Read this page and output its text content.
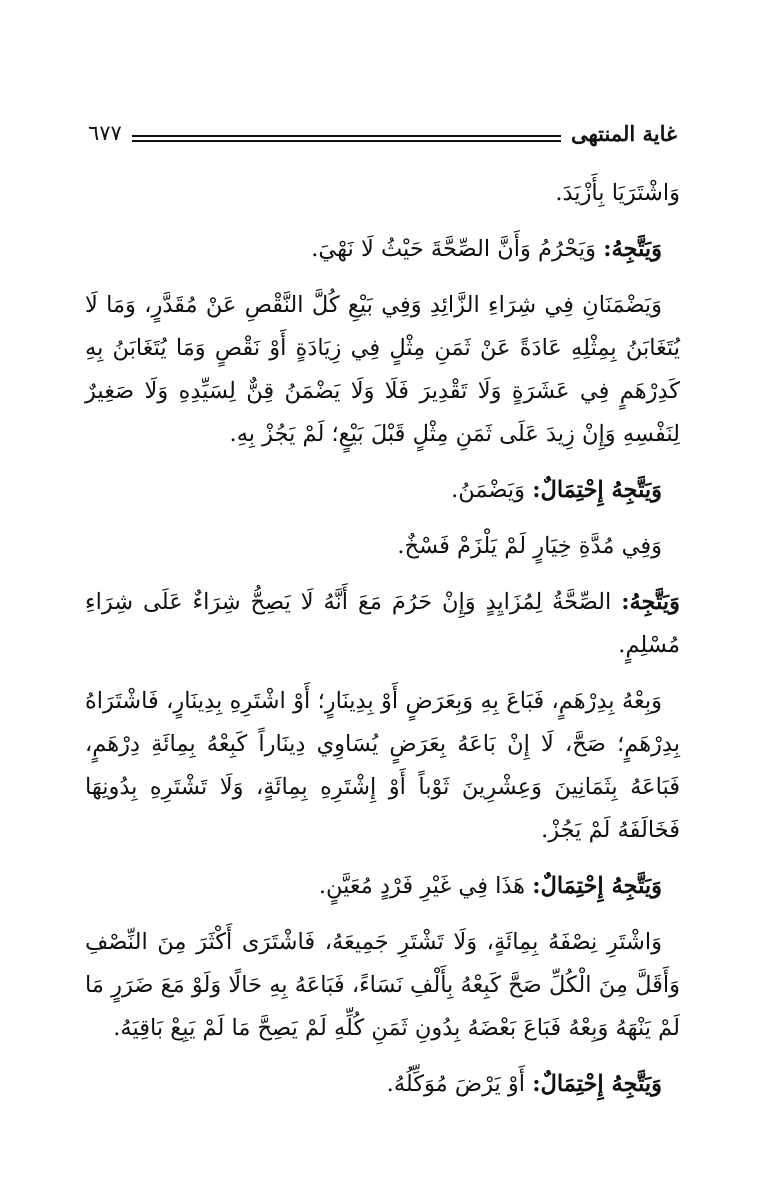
غاية المنتهى
٦٧٧

وَاشْتَرَيَا بِأَزْيَدَ.

وَيَتَّجِهُ: وَيَحْرُمُ وَأَنَّ الصِّحَّةَ حَيْثُ لَا نَهْيَ.

وَيَضْمَنَانِ فِي شِرَاءِ الزَّائِدِ وَفِي بَيْعِ كُلَّ النَّقْصِ عَنْ مُقَدَّرٍ، وَمَا لَا يُتَغَابَنُ بِمِثْلِهِ عَادَةً عَنْ ثَمَنِ مِثْلٍ فِي زِيَادَةٍ أَوْ نَقْصٍ وَمَا يُتَغَابَنُ بِهِ كَدِرْهَمٍ فِي عَشَرَةٍ وَلَا تَقْدِيرَ فَلَا وَلَا يَضْمَنُ قِنٌّ لِسَيِّدِهِ وَلَا صَغِيرٌ لِنَفْسِهِ وَإِنْ زِيدَ عَلَى ثَمَنِ مِثْلٍ قَبْلَ بَيْعٍ؛ لَمْ يَجُزْ بِهِ.

وَيَتَّجِهُ إِحْتِمَالٌ: وَيَضْمَنُ.

وَفِي مُدَّةِ خِيَارٍ لَمْ يَلْزَمْ فَسْخٌ.

وَيَتَّجِهُ: الصِّحَّةُ لِمُزَايِدٍ وَإِنْ حَرُمَ مَعَ أَنَّهُ لَا يَصِحُّ شِرَاءٌ عَلَى شِرَاءِ مُسْلِمٍ.

وَبِعْهُ بِدِرْهَمٍ، فَبَاعَ بِهِ وَبِعَرَضٍ أَوْ بِدِينَارٍ؛ أَوْ اشْتَرِهِ بِدِينَارٍ، فَاشْتَرَاهُ بِدِرْهَمٍ؛ صَحَّ، لَا إِنْ بَاعَهُ بِعَرَضٍ يُسَاوِي دِينَاراً كَبِعْهُ بِمِائَةِ دِرْهَمٍ، فَبَاعَهُ بِثَمَانِينَ وَعِشْرِينَ ثَوْباً أَوْ إِشْتَرِهِ بِمِائَةٍ، وَلَا تَشْتَرِهِ بِدُونِهَا فَخَالَفَهُ لَمْ يَجُزْ.

وَيَتَّجِهُ إِحْتِمَالٌ: هَذَا فِي غَيْرِ فَرْدٍ مُعَيَّنٍ.

وَاشْتَرِ نِصْفَهُ بِمِائَةٍ، وَلَا تَشْتَرِ جَمِيعَهُ، فَاشْتَرَى أَكْثَرَ مِنَ النِّصْفِ وَأَقَلَّ مِنَ الْكُلِّ صَحَّ كَبِعْهُ بِأَلْفِ نَسَاءً، فَبَاعَهُ بِهِ حَالًا وَلَوْ مَعَ ضَرَرٍ مَا لَمْ يَنْهَهُ وَبِعْهُ فَبَاعَ بَعْضَهُ بِدُونِ ثَمَنِ كُلِّهِ لَمْ يَصِحَّ مَا لَمْ يَبِعْ بَاقِيَهُ.

وَيَتَّجِهُ إِحْتِمَالٌ: أَوْ يَرْضَ مُوَكِّلُهُ.
